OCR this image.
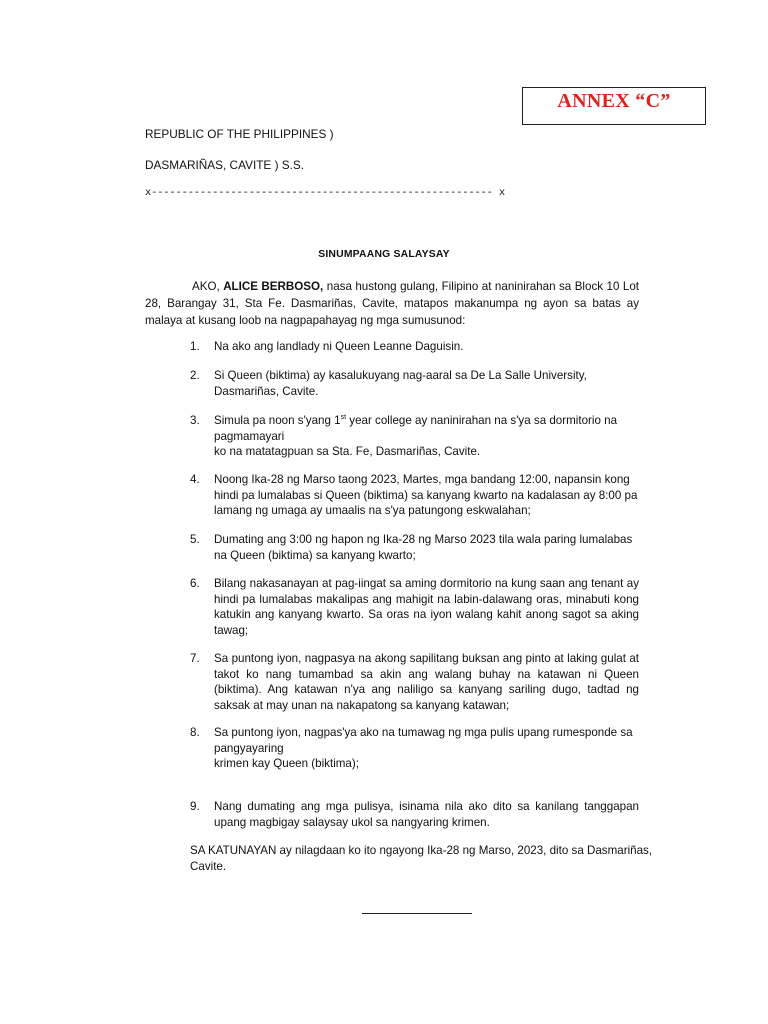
ANNEX “C”
REPUBLIC OF THE PHILIPPINES )
DASMARIÑAS, CAVITE ) S.S.
x-------------------------------------------------------- x
SINUMPAANG SALAYSAY
AKO, ALICE BERBOSO, nasa hustong gulang, Filipino at naninirahan sa Block 10 Lot 28, Barangay 31, Sta Fe. Dasmariñas, Cavite, matapos makanumpa ng ayon sa batas ay malaya at kusang loob na nagpapahayag ng mga sumusunod:
1.	Na ako ang landlady ni Queen Leanne Daguisin.
2.	Si Queen (biktima) ay kasalukuyang nag-aaral sa De La Salle University, Dasmariñas, Cavite.
3.	Simula pa noon s'yang 1st year college ay naninirahan na s'ya sa dormitorio na pagmamayari
ko na matatagpuan sa Sta. Fe, Dasmariñas, Cavite.
4.	Noong Ika-28 ng Marso taong 2023, Martes, mga bandang 12:00, napansin kong hindi pa lumalabas si Queen (biktima) sa kanyang kwarto na kadalasan ay 8:00 pa lamang ng umaga ay umaalis na s'ya patungong eskwalahan;
5.	Dumating ang 3:00 ng hapon ng Ika-28 ng Marso 2023 tila wala paring lumalabas na Queen (biktima) sa kanyang kwarto;
6.	Bilang nakasanayan at pag-iingat sa aming dormitorio na kung saan ang tenant ay hindi pa lumalabas makalipas ang mahigit na labin-dalawang oras, minabuti kong katukin ang kanyang kwarto. Sa oras na iyon walang kahit anong sagot sa aking tawag;
7.	Sa puntong iyon, nagpasya na akong sapilitang buksan ang pinto at laking gulat at takot ko nang tumambad sa akin ang walang buhay na katawan ni Queen (biktima). Ang katawan n'ya ang naliligo sa kanyang sariling dugo, tadtad ng saksak at may unan na nakapatong sa kanyang katawan;
8.	Sa puntong iyon, nagpas'ya ako na tumawag ng mga pulis upang rumesponde sa pangyayaring
krimen kay Queen (biktima);
9.	Nang dumating ang mga pulisya, isinama nila ako dito sa kanilang tanggapan upang magbigay salaysay ukol sa nangyaring krimen.
SA KATUNAYAN ay nilagdaan ko ito ngayong Ika-28 ng Marso, 2023, dito sa Dasmariñas, Cavite.
